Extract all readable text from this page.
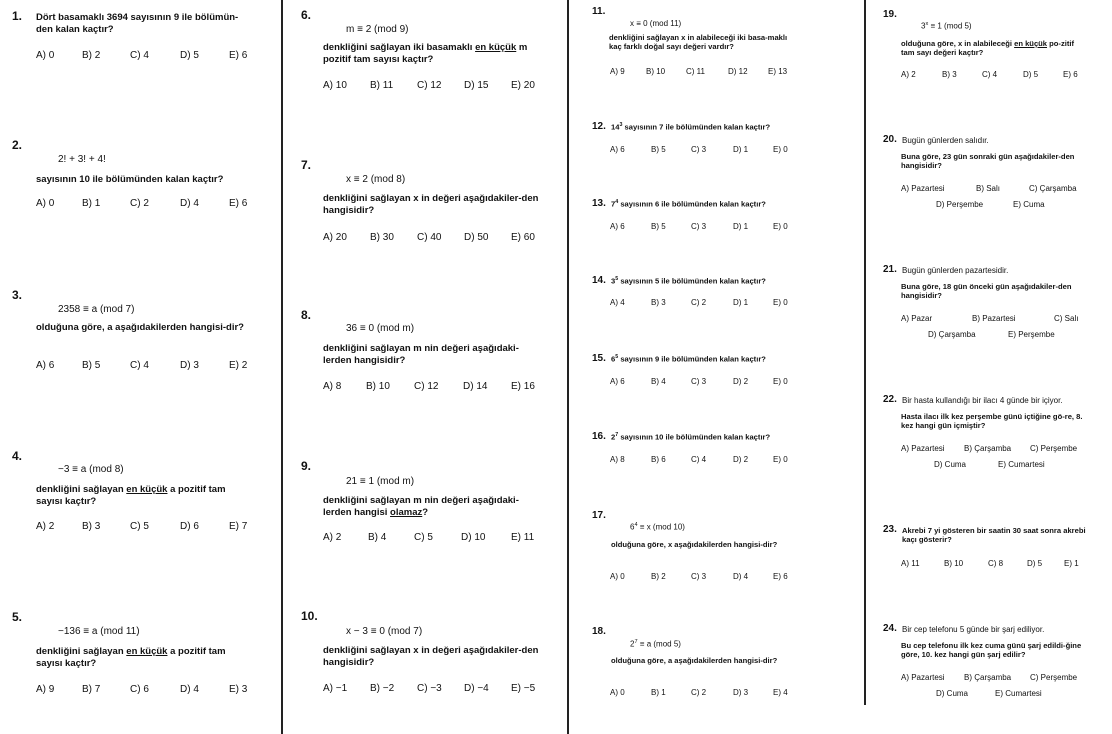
1. Dört basamaklı 3694 sayısının 9 ile bölümün-den kalan kaçtır?
A) 0	B) 2	C) 4	D) 5	E) 6
2.
2! + 3! + 4!
sayısının 10 ile bölümünden kalan kaçtır?
A) 0	B) 1	C) 2	D) 4	E) 6
3.
2358 ≡ a (mod 7)
olduğuna göre, a aşağıdakilerden hangisi-dir?
A) 6	B) 5	C) 4	D) 3	E) 2
4.
−3 ≡ a (mod 8)
denkliğini sağlayan en küçük a pozitif tam sayısı kaçtır?
A) 2	B) 3	C) 5	D) 6	E) 7
5.
−136 ≡ a (mod 11)
denkliğini sağlayan en küçük a pozitif tam sayısı kaçtır?
A) 9	B) 7	C) 6	D) 4	E) 3
6.
m ≡ 2 (mod 9)
denkliğini sağlayan iki basamaklı en küçük m pozitif tam sayısı kaçtır?
A) 10 B) 11 C) 12 D) 15 E) 20
7.
x ≡ 2 (mod 8)
denkliğini sağlayan x in değeri aşağıdakiler-den hangisidir?
A) 20 B) 30 C) 40 D) 50 E) 60
8.
36 ≡ 0 (mod m)
denkliğini sağlayan m nin değeri aşağıdaki-lerden hangisidir?
A) 8 B) 10 C) 12 D) 14 E) 16
9.
21 ≡ 1 (mod m)
denkliğini sağlayan m nin değeri aşağıdaki-lerden hangisi olamaz?
A) 2	B) 4	C) 5	D) 10	E) 11
10.
x − 3 ≡ 0 (mod 7)
denkliğini sağlayan x in değeri aşağıdakiler-den hangisidir?
A) −1 B) −2 C) −3 D) −4 E) −5
11.
x ≡ 0 (mod 11)
denkliğini sağlayan x in alabileceği iki basa-maklı kaç farklı doğal sayı değeri vardır?
A) 9	B) 10	C) 11	D) 12	E) 13
12. $14^3$ sayısının 7 ile bölümünden kalan kaçtır?
A) 6	B) 5	C) 3	D) 1	E) 0
13. $7^4$ sayısının 6 ile bölümünden kalan kaçtır?
A) 6	B) 5	C) 3	D) 1	E) 0
14. $3^5$ sayısının 5 ile bölümünden kalan kaçtır?
A) 4	B) 3	C) 2	D) 1	E) 0
15. $6^5$ sayısının 9 ile bölümünden kalan kaçtır?
A) 6	B) 4	C) 3	D) 2	E) 0
16. $2^7$ sayısının 10 ile bölümünden kalan kaçtır?
A) 8	B) 6	C) 4	D) 2	E) 0
17.
$6^4 \equiv x$ (mod 10)
olduğuna göre, x aşağıdakilerden hangisi-dir?
A) 0	B) 2	C) 3	D) 4	E) 6
18.
$2^7 \equiv a$ (mod 5)
olduğuna göre, a aşağıdakilerden hangisi-dir?
A) 0	B) 1	C) 2	D) 3	E) 4
19.
$3^x \equiv 1$ (mod 5)
olduğuna göre, x in alabileceği en küçük po-zitif tam sayı değeri kaçtır?
A) 2	B) 3	C) 4	D) 5	E) 6
20. Bugün günlerden salıdır.
Buna göre, 23 gün sonraki gün aşağıdakiler-den hangisidir?
A) Pazartesi	B) Salı	C) Çarşamba
D) Perşembe	E) Cuma
21. Bugün günlerden pazartesidir.
Buna göre, 18 gün önceki gün aşağıdakiler-den hangisidir?
A) Pazar	B) Pazartesi	C) Salı
D) Çarşamba	E) Perşembe
22. Bir hasta kullandığı bir ilacı 4 günde bir içiyor.
Hasta ilacı ilk kez perşembe günü içtiğine gö-re, 8. kez hangi gün içmiştir?
A) Pazartesi B) Çarşamba C) Perşembe
D) Cuma	E) Cumartesi
23. Akrebi 7 yi gösteren bir saatin 30 saat sonra akrebi kaçı gösterir?
A) 11	B) 10	C) 8	D) 5	E) 1
24. Bir cep telefonu 5 günde bir şarj ediliyor.
Bu cep telefonu ilk kez cuma günü şarj edildi-ğine göre, 10. kez hangi gün şarj edilir?
A) Pazartesi B) Çarşamba C) Perşembe
D) Cuma	E) Cumartesi
